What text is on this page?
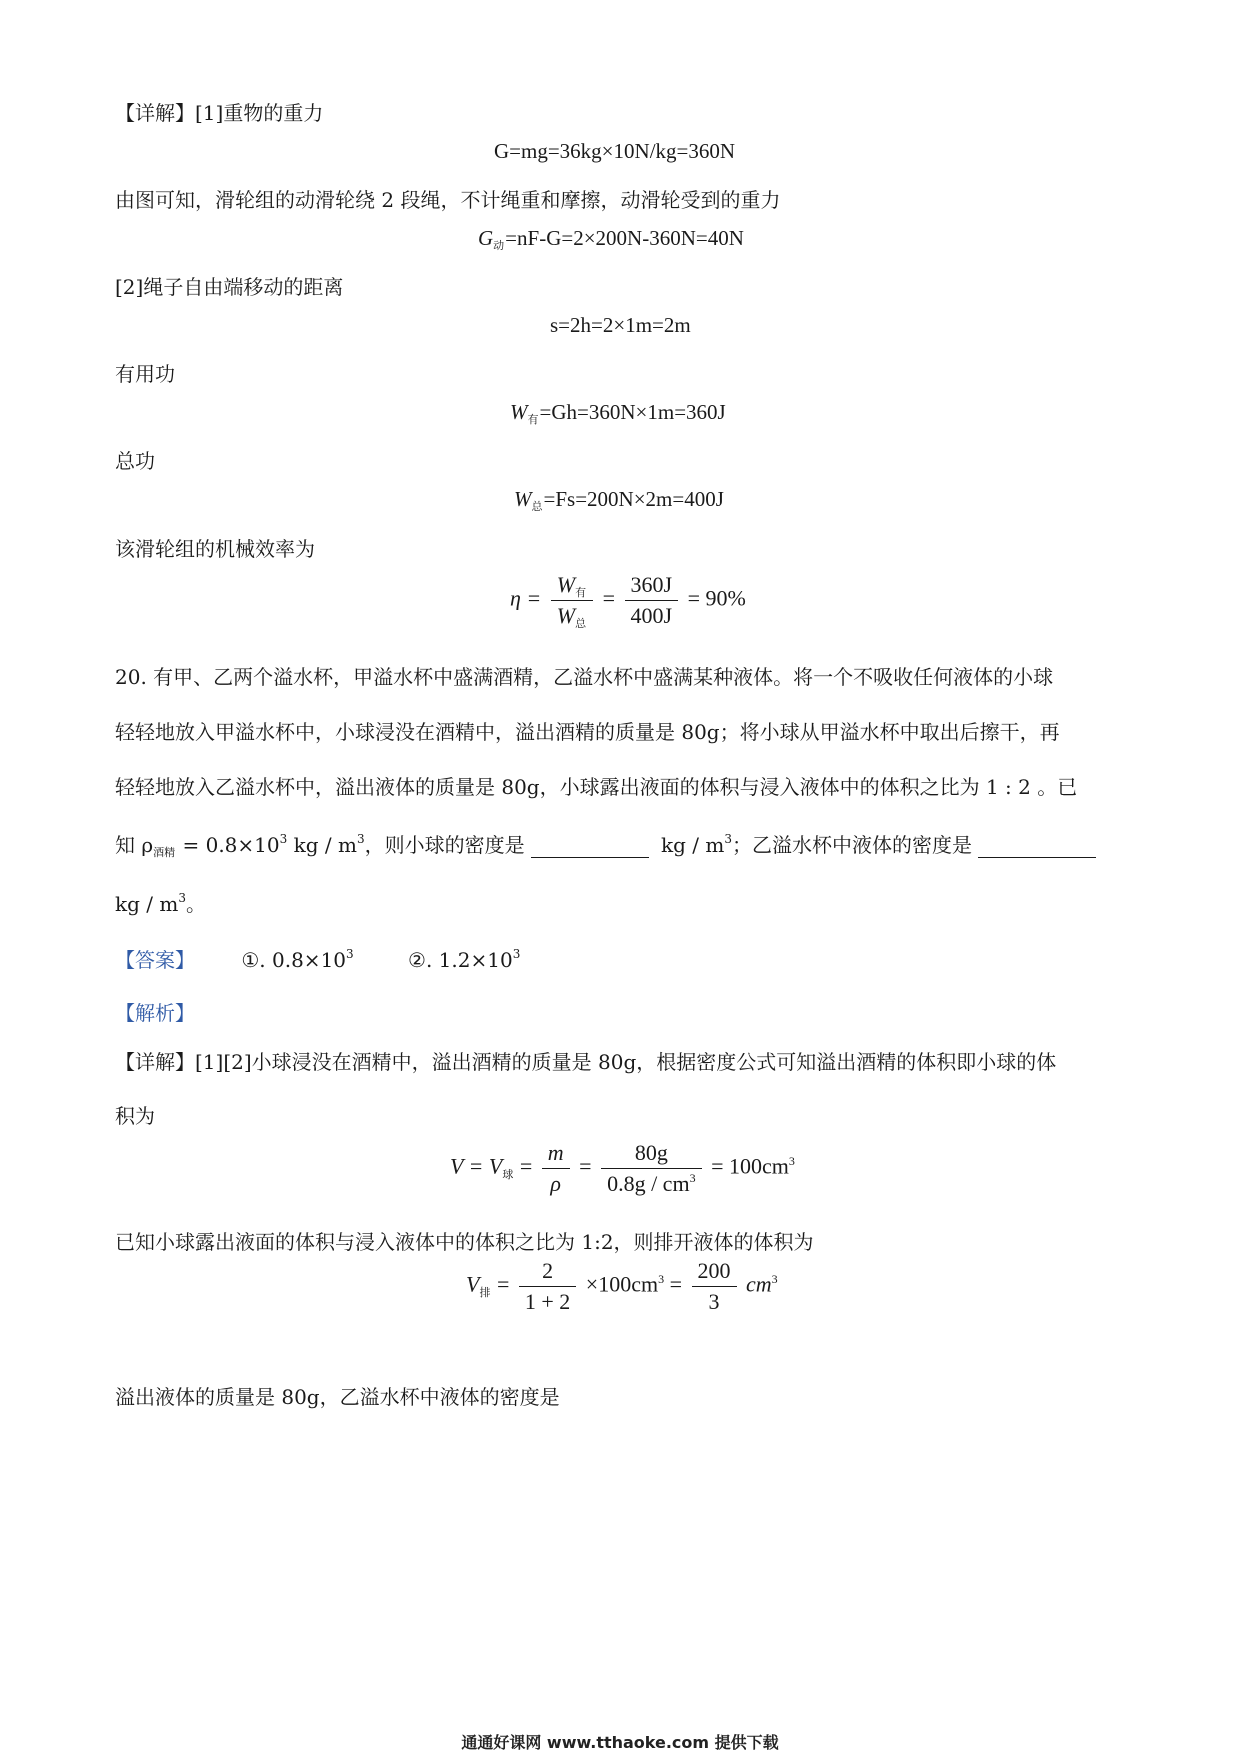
【详解】[1]重物的重力
G=mg=36kg×10N/kg=360N
由图可知，滑轮组的动滑轮绕 2 段绳，不计绳重和摩擦，动滑轮受到的重力
G动=nF-G=2×200N-360N=40N
[2]绳子自由端移动的距离
s=2h=2×1m=2m
有用功
W有=Gh=360N×1m=360J
总功
W总=Fs=200N×2m=400J
该滑轮组的机械效率为
$\eta = \frac{\text{W有}}{\text{W总}} = \frac{360J}{400J} = 90\%$
20. 有甲、乙两个溢水杯，甲溢水杯中盛满酒精，乙溢水杯中盛满某种液体。将一个不吸收任何液体的小球
轻轻地放入甲溢水杯中，小球浸没在酒精中，溢出酒精的质量是 80g；将小球从甲溢水杯中取出后擦干，再
轻轻地放入乙溢水杯中，溢出液体的质量是 80g，小球露出液面的体积与浸入液体中的体积之比为 1 : 2 。已
知 $\rho_{酒精} = 0.8\times 10^3$ kg / $m^3$，则小球的密度是	kg / $m^3$；乙溢水杯中液体的密度是
kg / $m^3$。
【答案】 ①. $0.8\times 10^3$	②. $1.2\times 10^3$
【解析】
【详解】[1][2]小球浸没在酒精中，溢出酒精的质量是 80g，根据密度公式可知溢出酒精的体积即小球的体
积为
V = V球 = $\frac{m}{\rho} = \frac{80g}{0.8g / cm^3} = 100cm^3$
已知小球露出液面的体积与浸入液体中的体积之比为 1:2，则排开液体的体积为
V排 = $\frac{2}{1 + 2} \times 100cm^3 = \frac{200}{3} cm^3$
溢出液体的质量是 80g，乙溢水杯中液体的密度是
通通好课网 www.tthaoke.com 提供下载
